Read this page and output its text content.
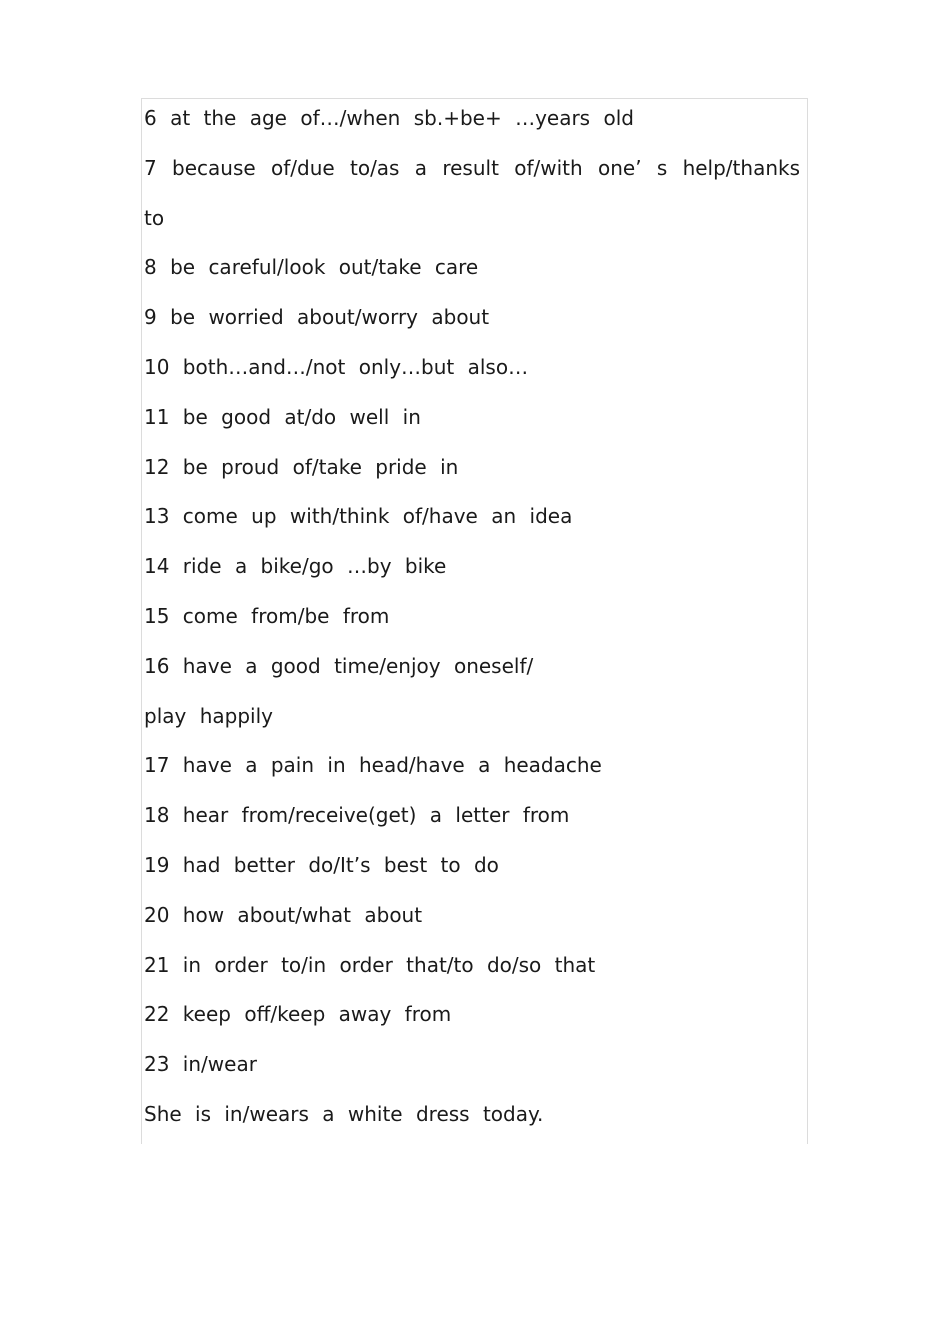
6 at the age of…/when sb.+be+ …years old
7 because of/due to/as a result of/with one’ s help/thanks
to
8 be careful/look out/take care
9 be worried about/worry about
10 both…and…/not only…but also…
11 be good at/do well in
12 be proud of/take pride in
13 come up with/think of/have an idea
14 ride a bike/go …by bike
15 come from/be from
16 have a good time/enjoy oneself/
play happily
17 have a pain in head/have a headache
18 hear from/receive(get) a letter from
19 had better do/It’s best to do
20 how about/what about
21 in order to/in order that/to do/so that
22 keep off/keep away from
23 in/wear
She is in/wears a white dress today.
